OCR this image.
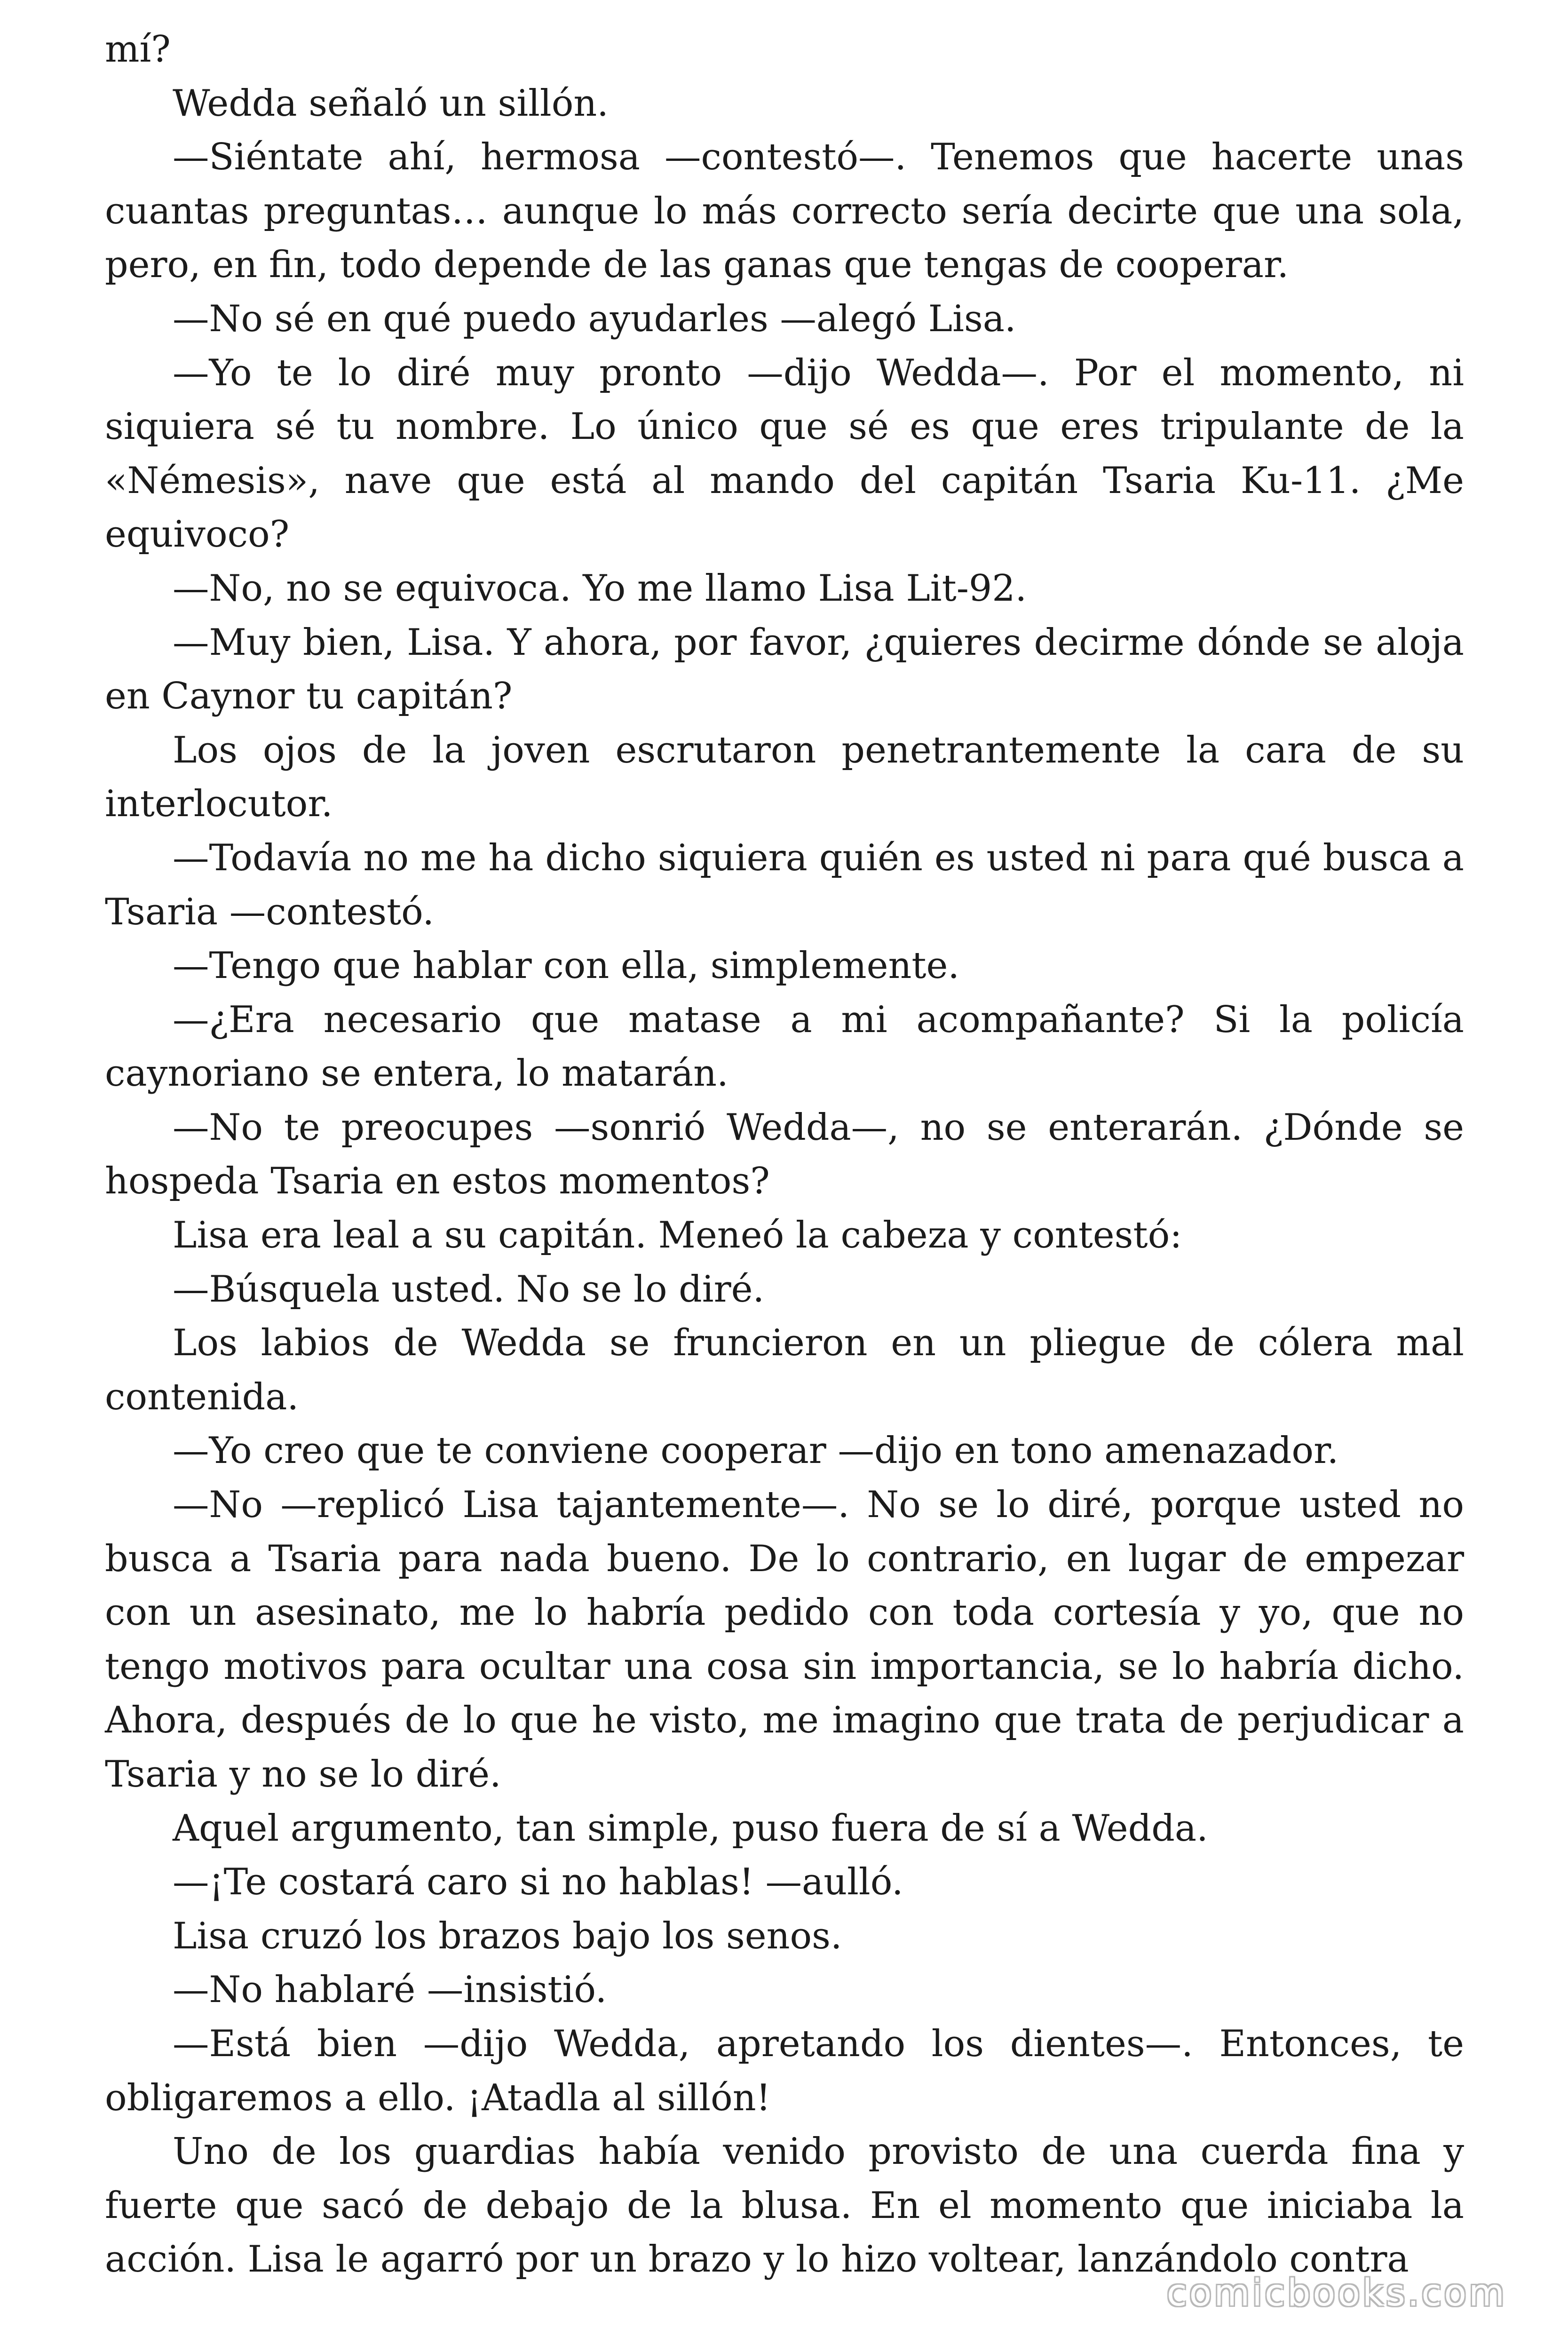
mí?

Wedda señaló un sillón.

—Siéntate ahí, hermosa —contestó—. Tenemos que hacerte unas cuantas preguntas… aunque lo más correcto sería decirte que una sola, pero, en fin, todo depende de las ganas que tengas de cooperar.

—No sé en qué puedo ayudarles —alegó Lisa.

—Yo te lo diré muy pronto —dijo Wedda—. Por el momento, ni siquiera sé tu nombre. Lo único que sé es que eres tripulante de la «Némesis», nave que está al mando del capitán Tsaria Ku-11. ¿Me equivoco?

—No, no se equivoca. Yo me llamo Lisa Lit-92.

—Muy bien, Lisa. Y ahora, por favor, ¿quieres decirme dónde se aloja en Caynor tu capitán?

Los ojos de la joven escrutaron penetrantemente la cara de su interlocutor.

—Todavía no me ha dicho siquiera quién es usted ni para qué busca a Tsaria —contestó.

—Tengo que hablar con ella, simplemente.

—¿Era necesario que matase a mi acompañante? Si la policía caynoriano se entera, lo matarán.

—No te preocupes —sonrió Wedda—, no se enterarán. ¿Dónde se hospeda Tsaria en estos momentos?

Lisa era leal a su capitán. Meneó la cabeza y contestó:

—Búsquela usted. No se lo diré.

Los labios de Wedda se fruncieron en un pliegue de cólera mal contenida.

—Yo creo que te conviene cooperar —dijo en tono amenazador.

—No —replicó Lisa tajantemente—. No se lo diré, porque usted no busca a Tsaria para nada bueno. De lo contrario, en lugar de empezar con un asesinato, me lo habría pedido con toda cortesía y yo, que no tengo motivos para ocultar una cosa sin importancia, se lo habría dicho. Ahora, después de lo que he visto, me imagino que trata de perjudicar a Tsaria y no se lo diré.

Aquel argumento, tan simple, puso fuera de sí a Wedda.

—¡Te costará caro si no hablas! —aulló.

Lisa cruzó los brazos bajo los senos.

—No hablaré —insistió.

—Está bien —dijo Wedda, apretando los dientes—. Entonces, te obligaremos a ello. ¡Atadla al sillón!

Uno de los guardias había venido provisto de una cuerda fina y fuerte que sacó de debajo de la blusa. En el momento que iniciaba la acción. Lisa le agarró por un brazo y lo hizo voltear, lanzándolo contra

comicbooks.com
